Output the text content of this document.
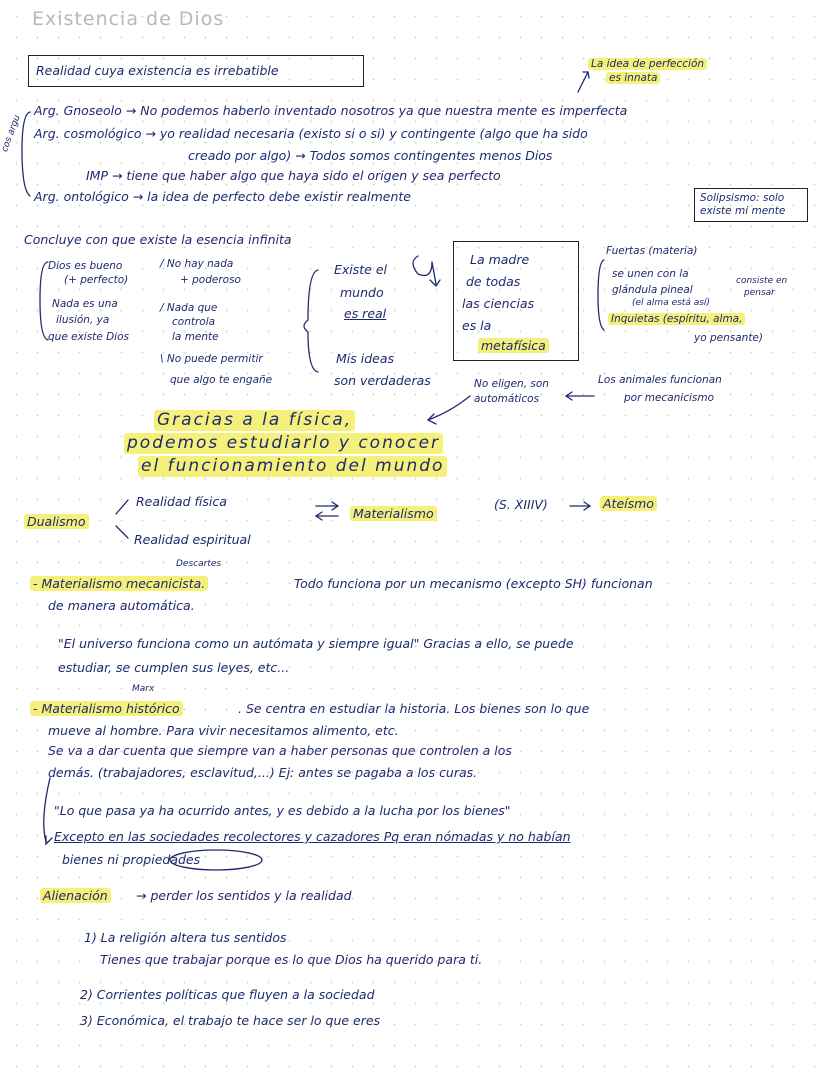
Existencia de Dios
Realidad cuya existencia es irrebatible	La idea de perfección
es innata
cos argu
Arg. Gnoseolo → No podemos haberlo inventado nosotros ya que nuestra mente es imperfecta
Arg. cosmológico → yo realidad necesaria (existo si o si) y contingente (algo que ha sido
creado por algo) → Todos somos contingentes menos Dios
IMP → tiene que haber algo que haya sido el origen y sea perfecto
Arg. ontológico → la idea de perfecto debe existir realmente	Solipsismo: solo
existe mi mente
Concluye con que existe la esencia infinita
Dios es bueno
(+ perfecto)
Nada es una
ilusión, ya
que existe Dios
/ No hay nada
+ poderoso
/ Nada que
controla
la mente
\ No puede permitir
que algo te engañe
Existe el
mundo
es real
Mis ideas
son verdaderas
La madre
de todas
las ciencias
es la
metafísica
Fuertas (materia)
se unen con la
glándula pineal
(el alma está así)
consiste en
pensar
Inquietas (espíritu, alma,
yo pensante)
No eligen, son
automáticos
Los animales funcionan
por mecanicismo
Gracias a la física,
podemos estudiarlo y conocer
el funcionamiento del mundo
Dualismo
Realidad física
Realidad espiritual
Materialismo
(S. XIIIV)	Ateísmo
Descartes
- Materialismo mecanicista.	Todo funciona por un mecanismo (excepto SH) funcionan
de manera automática.
"El universo funciona como un autómata y siempre igual" Gracias a ello, se puede
estudiar, se cumplen sus leyes, etc...
Marx
- Materialismo histórico	. Se centra en estudiar la historia. Los bienes son lo que
mueve al hombre. Para vivir necesitamos alimento, etc.
Se va a dar cuenta que siempre van a haber personas que controlen a los
demás. (trabajadores, esclavitud,...) Ej: antes se pagaba a los curas.
"Lo que pasa ya ha ocurrido antes, y es debido a la lucha por los bienes"
Excepto en las sociedades recolectores y cazadores Pq eran nómadas y no habían
bienes ni propiedades
Alienación → perder los sentidos y la realidad
1) La religión altera tus sentidos
Tienes que trabajar porque es lo que Dios ha querido para ti.
2) Corrientes políticas que fluyen a la sociedad
3) Económica, el trabajo te hace ser lo que eres
